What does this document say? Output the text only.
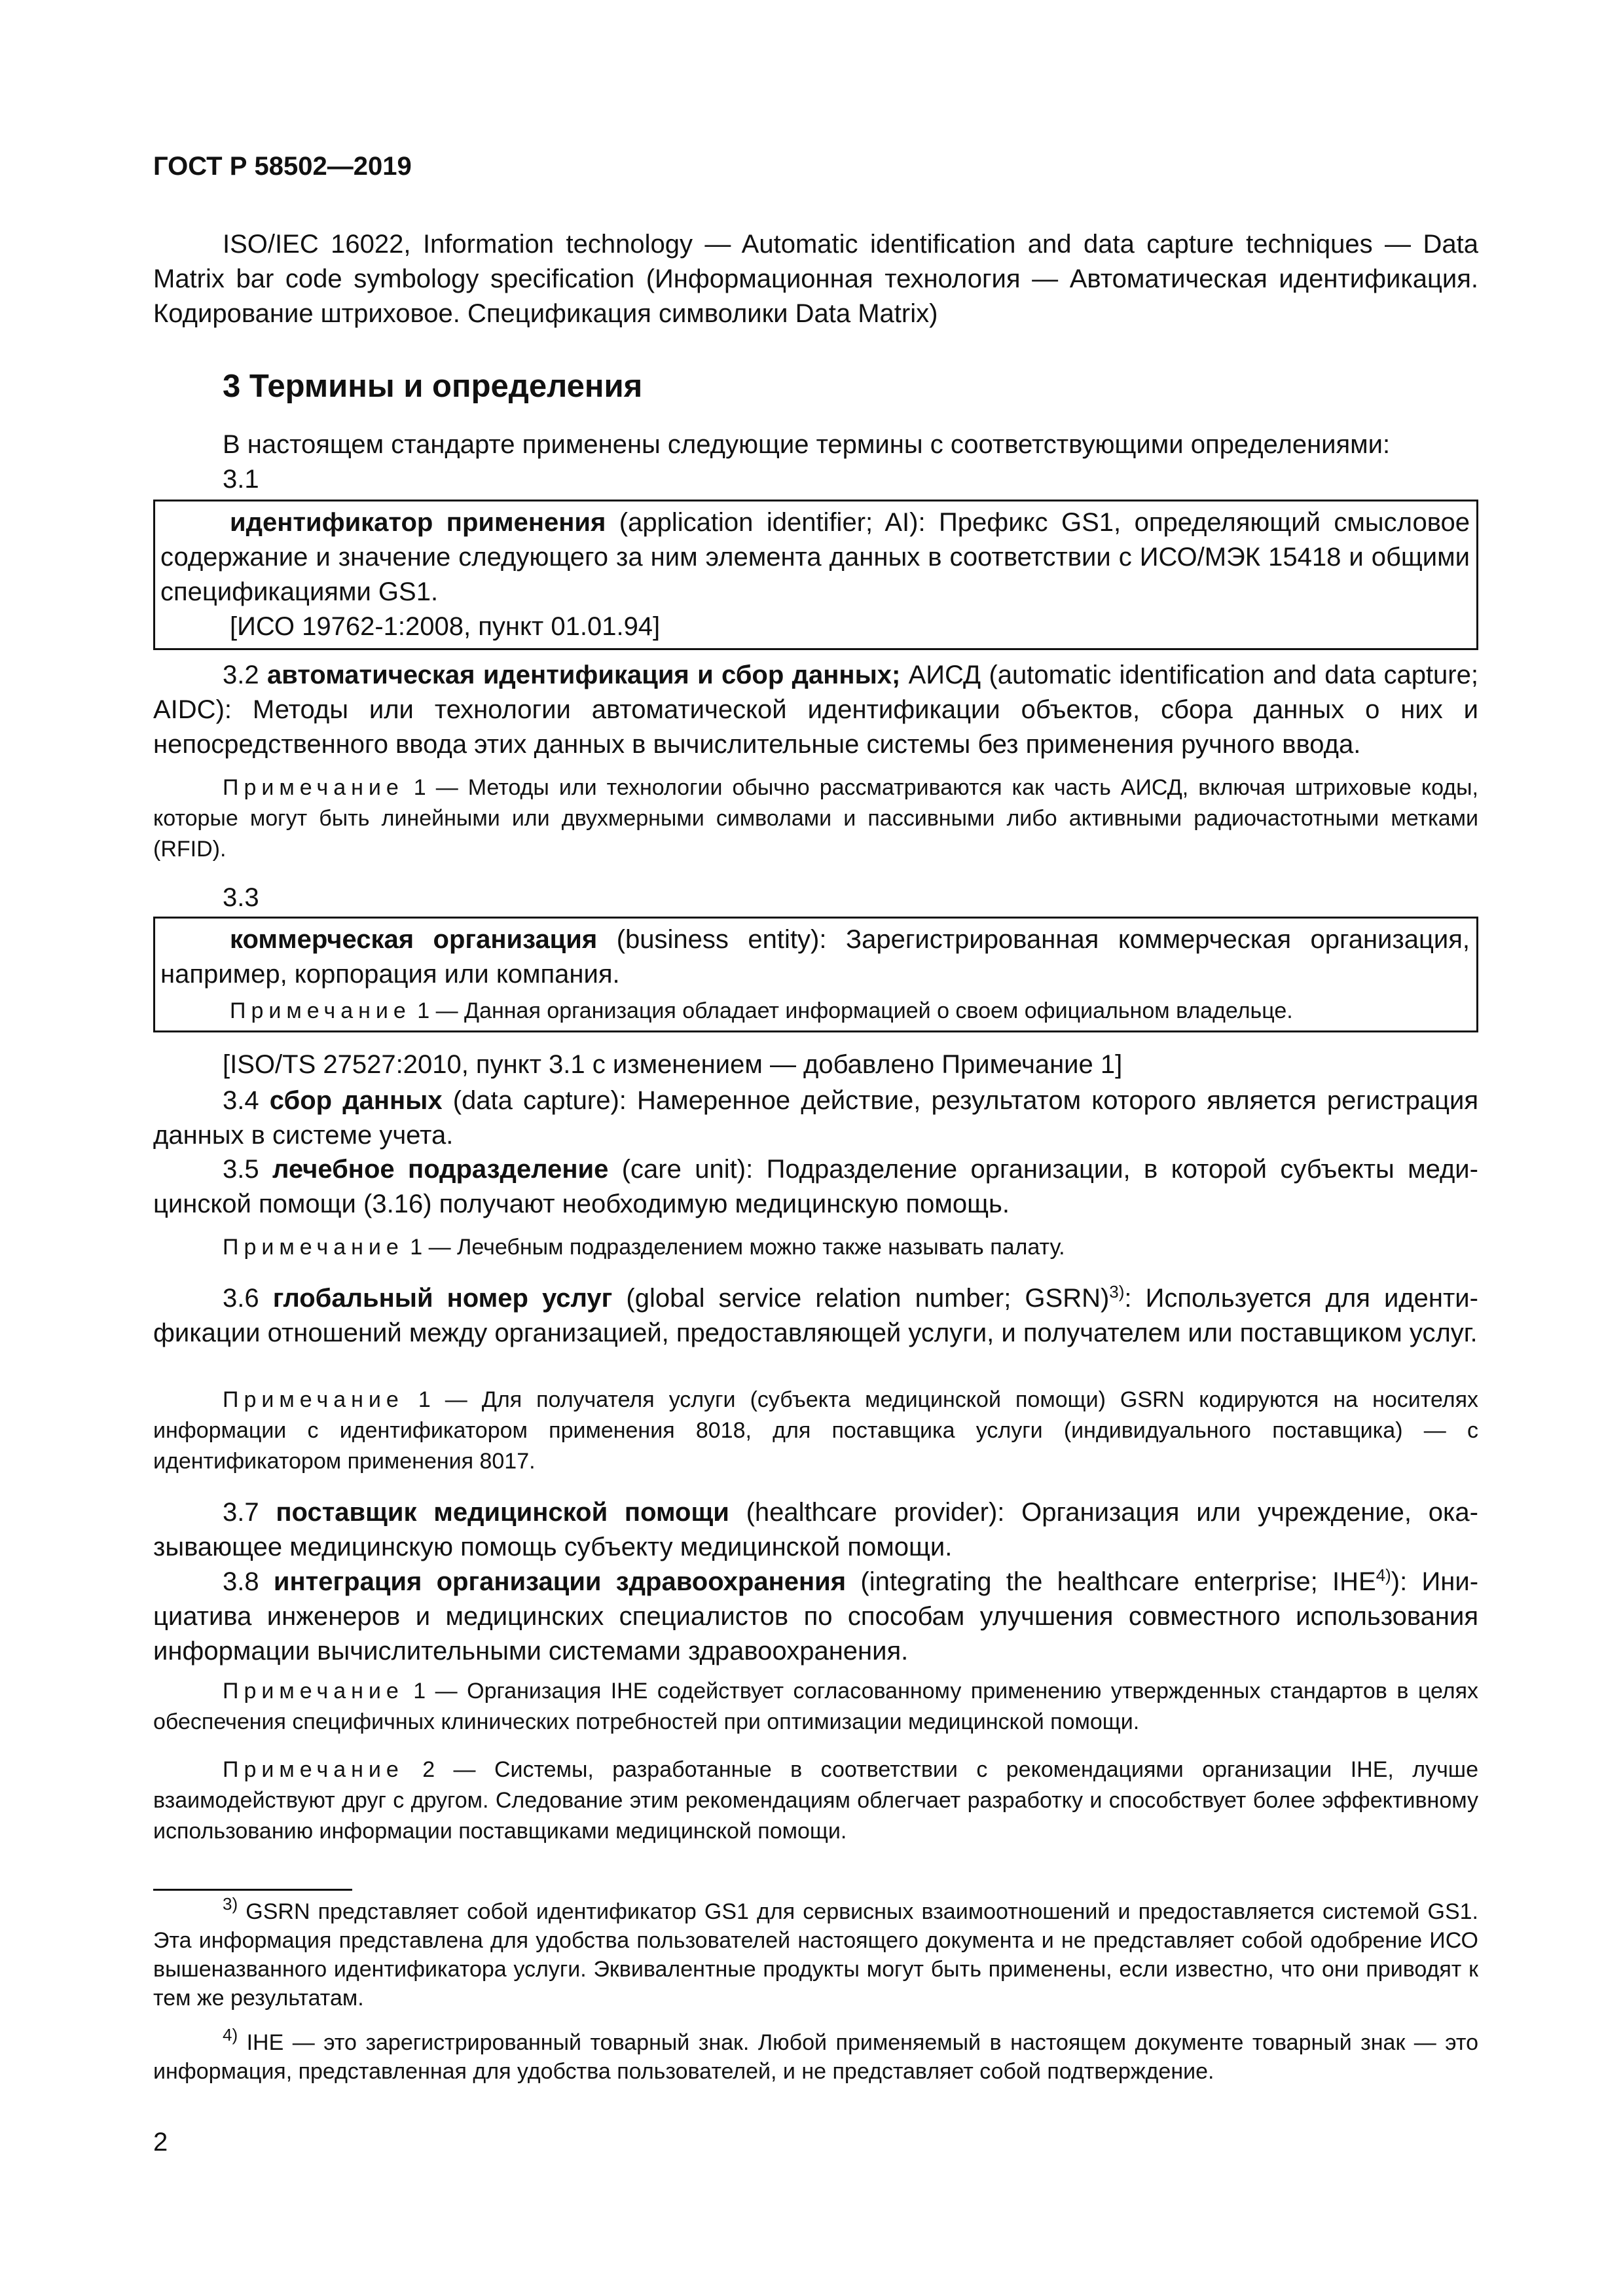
ГОСТ Р 58502—2019
ISO/IEC 16022, Information technology — Automatic identification and data capture techniques — Data Matrix bar code symbology specification (Информационная технология — Автоматическая идентификация. Кодирование штриховое. Спецификация символики Data Matrix)
3 Термины и определения
В настоящем стандарте применены следующие термины с соответствующими определениями:
3.1
идентификатор применения (application identifier; AI): Префикс GS1, определяющий смысловое содержание и значение следующего за ним элемента данных в соответствии с ИСО/МЭК 15418 и общими спецификациями GS1.
[ИСО 19762-1:2008, пункт 01.01.94]
3.2 автоматическая идентификация и сбор данных; АИСД (automatic identification and data capture; AIDC): Методы или технологии автоматической идентификации объектов, сбора данных о них и непосредственного ввода этих данных в вычислительные системы без применения ручного ввода.
Примечание 1 — Методы или технологии обычно рассматриваются как часть АИСД, включая штриховые коды, которые могут быть линейными или двухмерными символами и пассивными либо активными радиочастотными метками (RFID).
3.3
коммерческая организация (business entity): Зарегистрированная коммерческая организация, например, корпорация или компания.
Примечание 1 — Данная организация обладает информацией о своем официальном владельце.
[ISO/TS 27527:2010, пункт 3.1 с изменением — добавлено Примечание 1]
3.4 сбор данных (data capture): Намеренное действие, результатом которого является регистрация данных в системе учета.
3.5 лечебное подразделение (care unit): Подразделение организации, в которой субъекты медицинской помощи (3.16) получают необходимую медицинскую помощь.
Примечание 1 — Лечебным подразделением можно также называть палату.
3.6 глобальный номер услуг (global service relation number; GSRN)$^{3)}$: Используется для идентификации отношений между организацией, предоставляющей услуги, и получателем или поставщиком услуг.
Примечание 1 — Для получателя услуги (субъекта медицинской помощи) GSRN кодируются на носителях информации с идентификатором применения 8018, для поставщика услуги (индивидуального поставщика) — с идентификатором применения 8017.
3.7 поставщик медицинской помощи (healthcare provider): Организация или учреждение, оказывающее медицинскую помощь субъекту медицинской помощи.
3.8 интеграция организации здравоохранения (integrating the healthcare enterprise; IHE$^{4)}$): Инициатива инженеров и медицинских специалистов по способам улучшения совместного использования информации вычислительными системами здравоохранения.
Примечание 1 — Организация IHE содействует согласованному применению утвержденных стандартов в целях обеспечения специфичных клинических потребностей при оптимизации медицинской помощи.
Примечание 2 — Системы, разработанные в соответствии с рекомендациями организации IHE, лучше взаимодействуют друг с другом. Следование этим рекомендациям облегчает разработку и способствует более эффективному использованию информации поставщиками медицинской помощи.
$^{3)}$ GSRN представляет собой идентификатор GS1 для сервисных взаимоотношений и предоставляется системой GS1. Эта информация представлена для удобства пользователей настоящего документа и не представляет собой одобрение ИСО вышеназванного идентификатора услуги. Эквивалентные продукты могут быть применены, если известно, что они приводят к тем же результатам.
$^{4)}$ IHE — это зарегистрированный товарный знак. Любой применяемый в настоящем документе товарный знак — это информация, представленная для удобства пользователей, и не представляет собой подтверждение.
2
